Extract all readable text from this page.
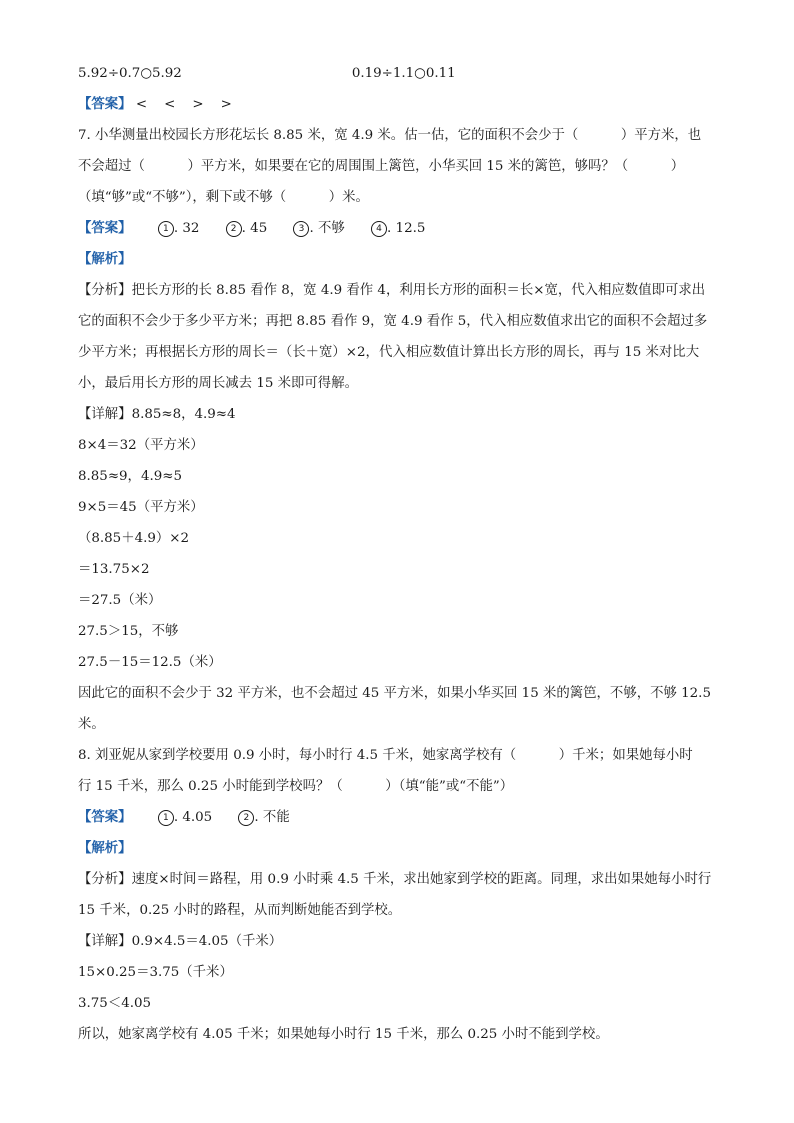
5.92÷0.7○5.92	0.19÷1.1○0.11
【答案】 <    <    >    >
7. 小华测量出校园长方形花坛长 8.85 米，宽 4.9 米。估一估，它的面积不会少于（          ）平方米，也
不会超过（          ）平方米，如果要在它的周围围上篱笆，小华买回 15 米的篱笆，够吗？（          ）
（填“够”或“不够”），剩下或不够（          ）米。
【答案】	1 . 32	2 . 45	3 . 不够	4 . 12.5
【解析】
【分析】把长方形的长 8.85 看作 8，宽 4.9 看作 4，利用长方形的面积＝长×宽，代入相应数值即可求出它的面积不会少于多少平方米；再把 8.85 看作 9，宽 4.9 看作 5，代入相应数值求出它的面积不会超过多少平方米；再根据长方形的周长＝（长＋宽）×2，代入相应数值计算出长方形的周长，再与 15 米对比大小，最后用长方形的周长减去 15 米即可得解。
【详解】8.85≈8，4.9≈4
8×4＝32（平方米）
8.85≈9，4.9≈5
9×5＝45（平方米）
（8.85＋4.9）×2
＝13.75×2
＝27.5（米）
27.5＞15，不够
27.5－15＝12.5（米）
因此它的面积不会少于 32 平方米，也不会超过 45 平方米，如果小华买回 15 米的篱笆，不够，不够 12.5 米。
8. 刘亚妮从家到学校要用 0.9 小时，每小时行 4.5 千米，她家离学校有（          ）千米；如果她每小时
行 15 千米，那么 0.25 小时能到学校吗？（          ）（填“能”或“不能”）
【答案】	1 . 4.05	2 . 不能
【解析】
【分析】速度×时间＝路程，用 0.9 小时乘 4.5 千米，求出她家到学校的距离。同理，求出如果她每小时行 15 千米，0.25 小时的路程，从而判断她能否到学校。
【详解】0.9×4.5＝4.05（千米）
15×0.25＝3.75（千米）
3.75＜4.05
所以，她家离学校有 4.05 千米；如果她每小时行 15 千米，那么 0.25 小时不能到学校。
